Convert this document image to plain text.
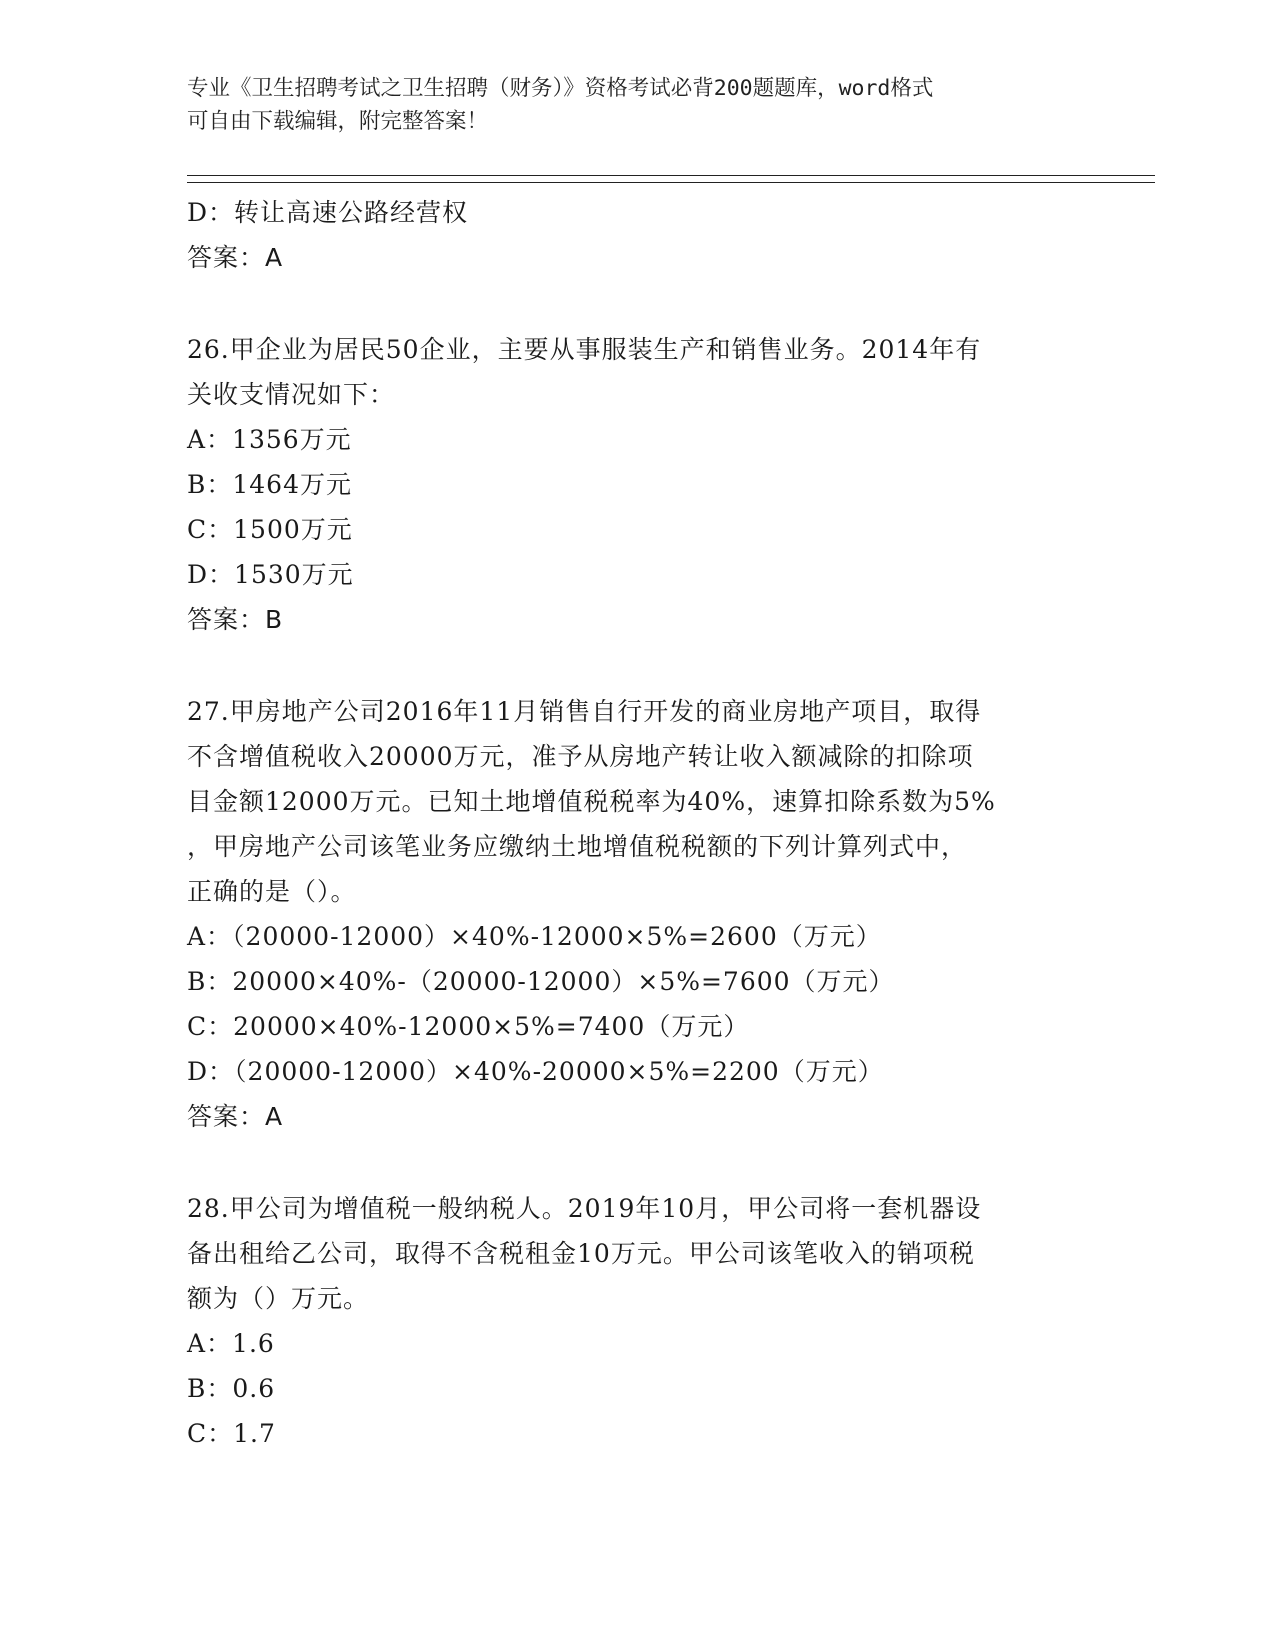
专业《卫生招聘考试之卫生招聘（财务）》资格考试必背200题题库，word格式
可自由下载编辑，附完整答案！
D：转让高速公路经营权
答案：A
26.甲企业为居民50企业，主要从事服装生产和销售业务。2014年有
关收支情况如下：
A：1356万元
B：1464万元
C：1500万元
D：1530万元
答案：B
27.甲房地产公司2016年11月销售自行开发的商业房地产项目，取得
不含增值税收入20000万元，准予从房地产转让收入额减除的扣除项
目金额12000万元。已知土地增值税税率为40%，速算扣除系数为5%
，甲房地产公司该笔业务应缴纳土地增值税税额的下列计算列式中，
正确的是（）。
A：（20000-12000）×40%-12000×5%=2600（万元）
B：20000×40%-（20000-12000）×5%=7600（万元）
C：20000×40%-12000×5%=7400（万元）
D：（20000-12000）×40%-20000×5%=2200（万元）
答案：A
28.甲公司为增值税一般纳税人。2019年10月，甲公司将一套机器设
备出租给乙公司，取得不含税租金10万元。甲公司该笔收入的销项税
额为（）万元。
A：1.6
B：0.6
C：1.7
